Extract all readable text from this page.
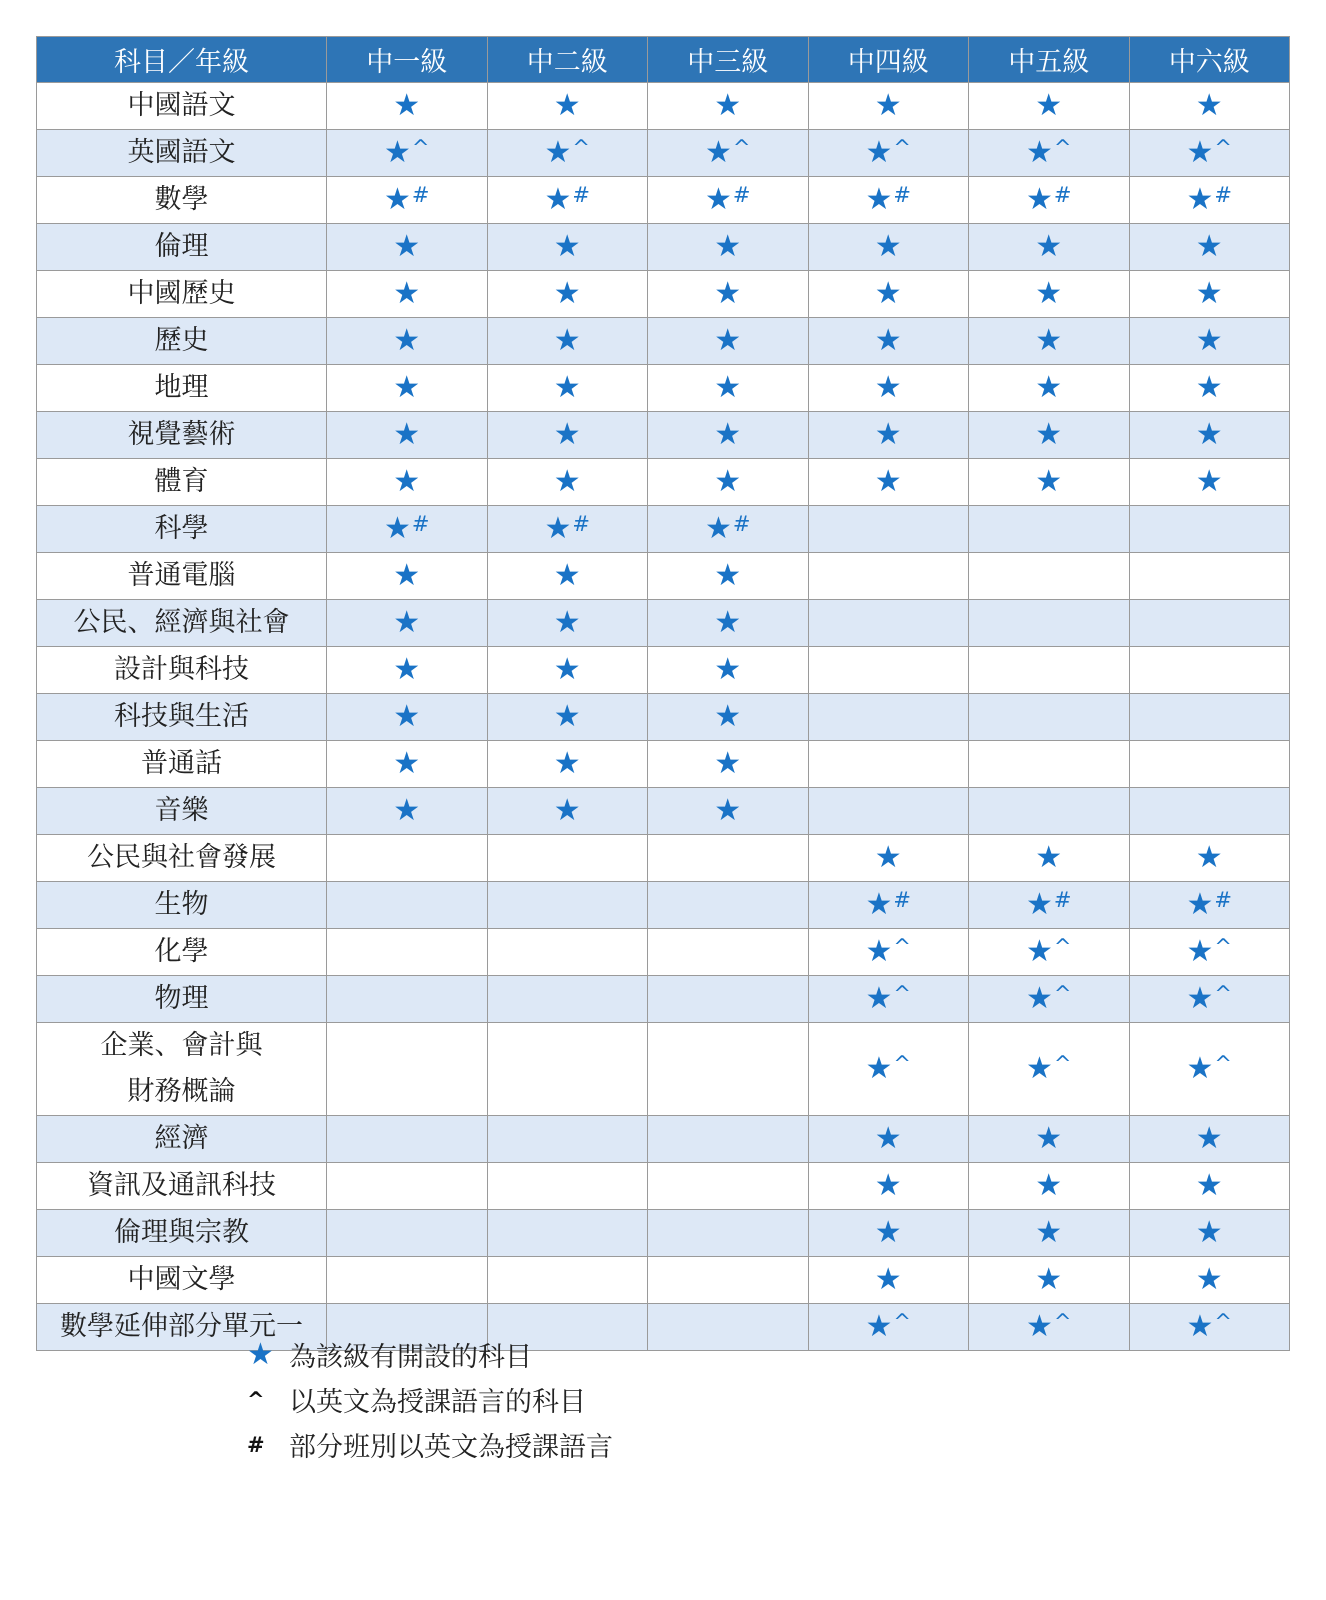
科目／年級	中一級	中二級	中三級	中四級	中五級	中六級

中國語文	★	★	★	★	★	★

英國語文	★^	★^	★^	★^	★^	★^

數學	★#	★#	★#	★#	★#	★#

倫理	★	★	★	★	★	★

中國歷史	★	★	★	★	★	★

歷史	★	★	★	★	★	★

地理	★	★	★	★	★	★

視覺藝術	★	★	★	★	★	★

體育	★	★	★	★	★	★

科學	★#	★#	★#			

普通電腦	★	★	★			

公民、經濟與社會	★	★	★			

設計與科技	★	★	★			

科技與生活	★	★	★			

普通話	★	★	★			

音樂	★	★	★			

公民與社會發展				★	★	★

生物				★#	★#	★#

化學				★^	★^	★^

物理				★^	★^	★^

企業、會計與
財務概論				★^	★^	★^

經濟				★	★	★

資訊及通訊科技				★	★	★

倫理與宗教				★	★	★

中國文學				★	★	★

數學延伸部分單元一				★^	★^	★^
★ 為該級有開設的科目
^ 以英文為授課語言的科目
# 部分班別以英文為授課語言
